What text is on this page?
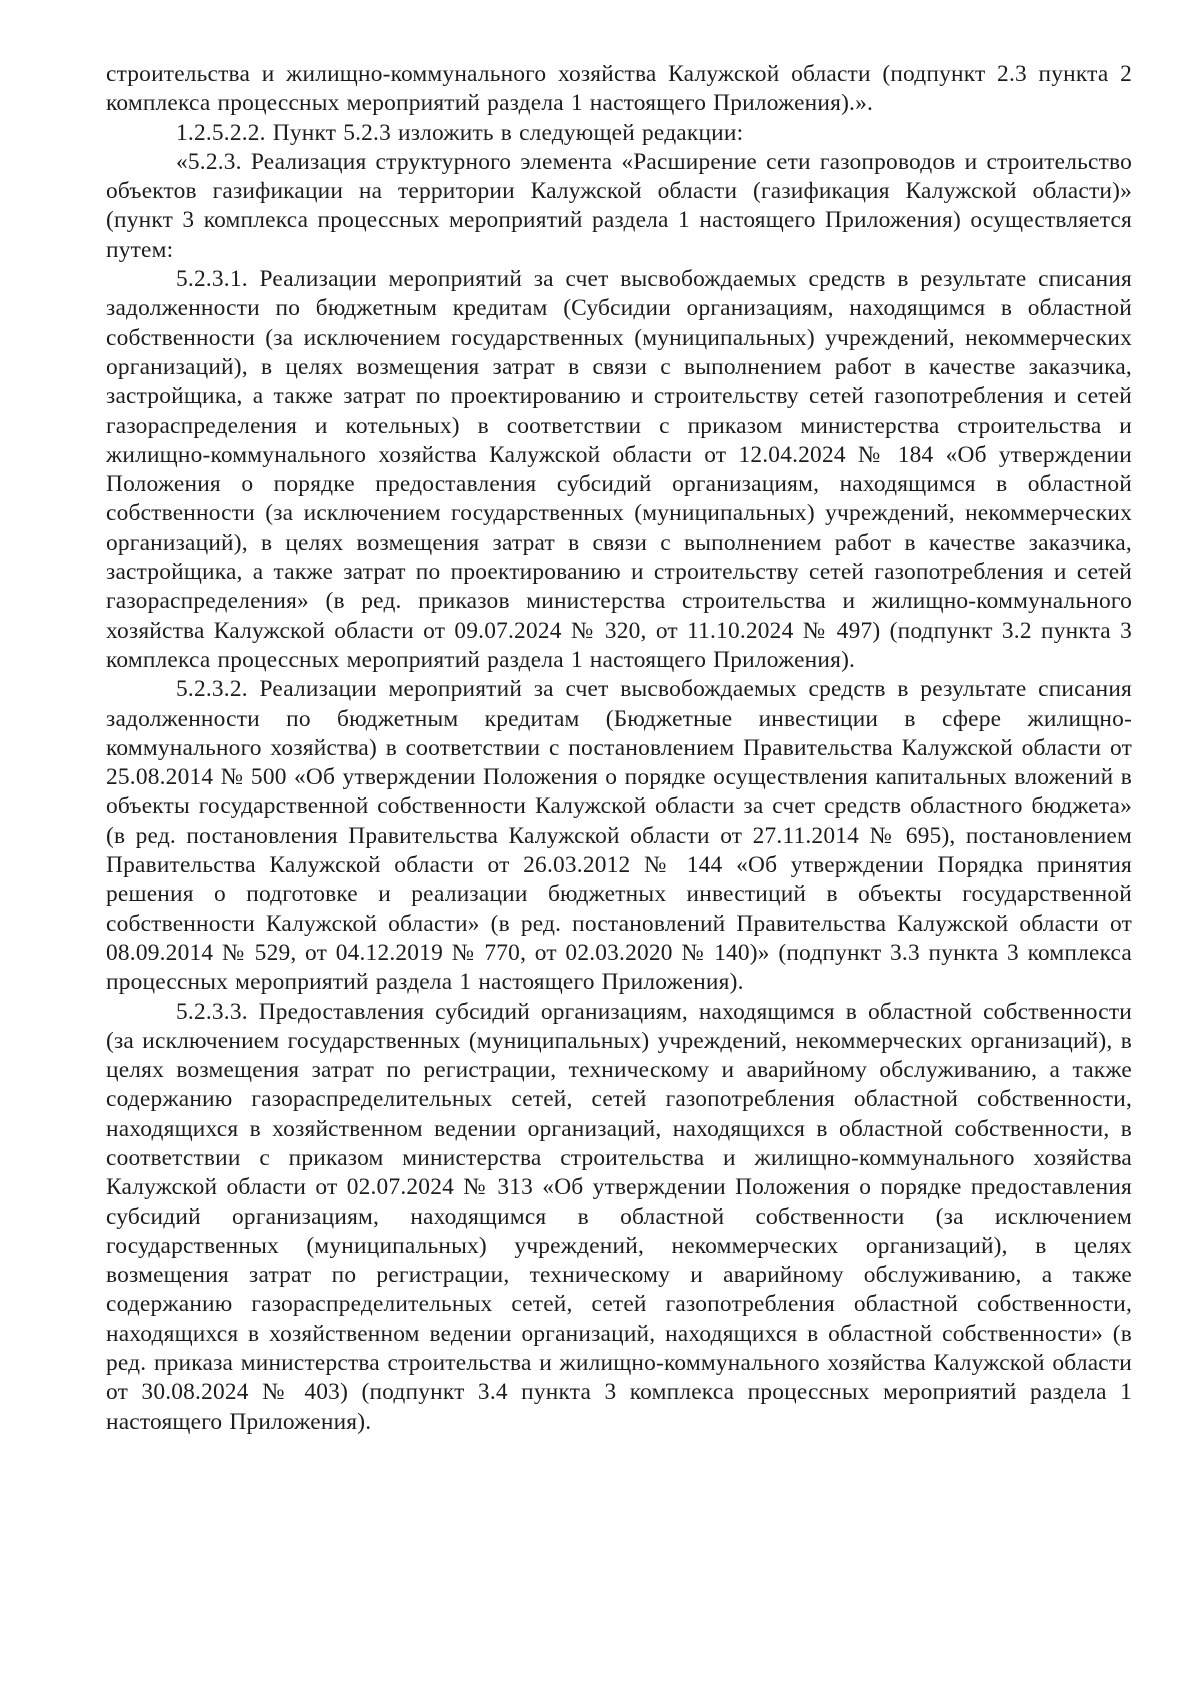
строительства и жилищно-коммунального хозяйства Калужской области (подпункт 2.3 пункта 2 комплекса процессных мероприятий раздела 1 настоящего Приложения).».

1.2.5.2.2. Пункт 5.2.3 изложить в следующей редакции:

«5.2.3. Реализация структурного элемента «Расширение сети газопроводов и строительство объектов газификации на территории Калужской области (газификация Калужской области)» (пункт 3 комплекса процессных мероприятий раздела 1 настоящего Приложения) осуществляется путем:

5.2.3.1. Реализации мероприятий за счет высвобождаемых средств в результате списания задолженности по бюджетным кредитам (Субсидии организациям, находящимся в областной собственности (за исключением государственных (муниципальных) учреждений, некоммерческих организаций), в целях возмещения затрат в связи с выполнением работ в качестве заказчика, застройщика, а также затрат по проектированию и строительству сетей газопотребления и сетей газораспределения и котельных) в соответствии с приказом министерства строительства и жилищно-коммунального хозяйства Калужской области от 12.04.2024 № 184 «Об утверждении Положения о порядке предоставления субсидий организациям, находящимся в областной собственности (за исключением государственных (муниципальных) учреждений, некоммерческих организаций), в целях возмещения затрат в связи с выполнением работ в качестве заказчика, застройщика, а также затрат по проектированию и строительству сетей газопотребления и сетей газораспределения» (в ред. приказов министерства строительства и жилищно-коммунального хозяйства Калужской области от 09.07.2024 № 320, от 11.10.2024 № 497) (подпункт 3.2 пункта 3 комплекса процессных мероприятий раздела 1 настоящего Приложения).

5.2.3.2. Реализации мероприятий за счет высвобождаемых средств в результате списания задолженности по бюджетным кредитам (Бюджетные инвестиции в сфере жилищно-коммунального хозяйства) в соответствии с постановлением Правительства Калужской области от 25.08.2014 № 500 «Об утверждении Положения о порядке осуществления капитальных вложений в объекты государственной собственности Калужской области за счет средств областного бюджета» (в ред. постановления Правительства Калужской области от 27.11.2014 № 695), постановлением Правительства Калужской области от 26.03.2012 № 144 «Об утверждении Порядка принятия решения о подготовке и реализации бюджетных инвестиций в объекты государственной собственности Калужской области» (в ред. постановлений Правительства Калужской области от 08.09.2014 № 529, от 04.12.2019 № 770, от 02.03.2020 № 140)» (подпункт 3.3 пункта 3 комплекса процессных мероприятий раздела 1 настоящего Приложения).

5.2.3.3. Предоставления субсидий организациям, находящимся в областной собственности (за исключением государственных (муниципальных) учреждений, некоммерческих организаций), в целях возмещения затрат по регистрации, техническому и аварийному обслуживанию, а также содержанию газораспределительных сетей, сетей газопотребления областной собственности, находящихся в хозяйственном ведении организаций, находящихся в областной собственности, в соответствии с приказом министерства строительства и жилищно-коммунального хозяйства Калужской области от 02.07.2024 № 313 «Об утверждении Положения о порядке предоставления субсидий организациям, находящимся в областной собственности (за исключением государственных (муниципальных) учреждений, некоммерческих организаций), в целях возмещения затрат по регистрации, техническому и аварийному обслуживанию, а также содержанию газораспределительных сетей, сетей газопотребления областной собственности, находящихся в хозяйственном ведении организаций, находящихся в областной собственности» (в ред. приказа министерства строительства и жилищно-коммунального хозяйства Калужской области от 30.08.2024 № 403) (подпункт 3.4 пункта 3 комплекса процессных мероприятий раздела 1 настоящего Приложения).
